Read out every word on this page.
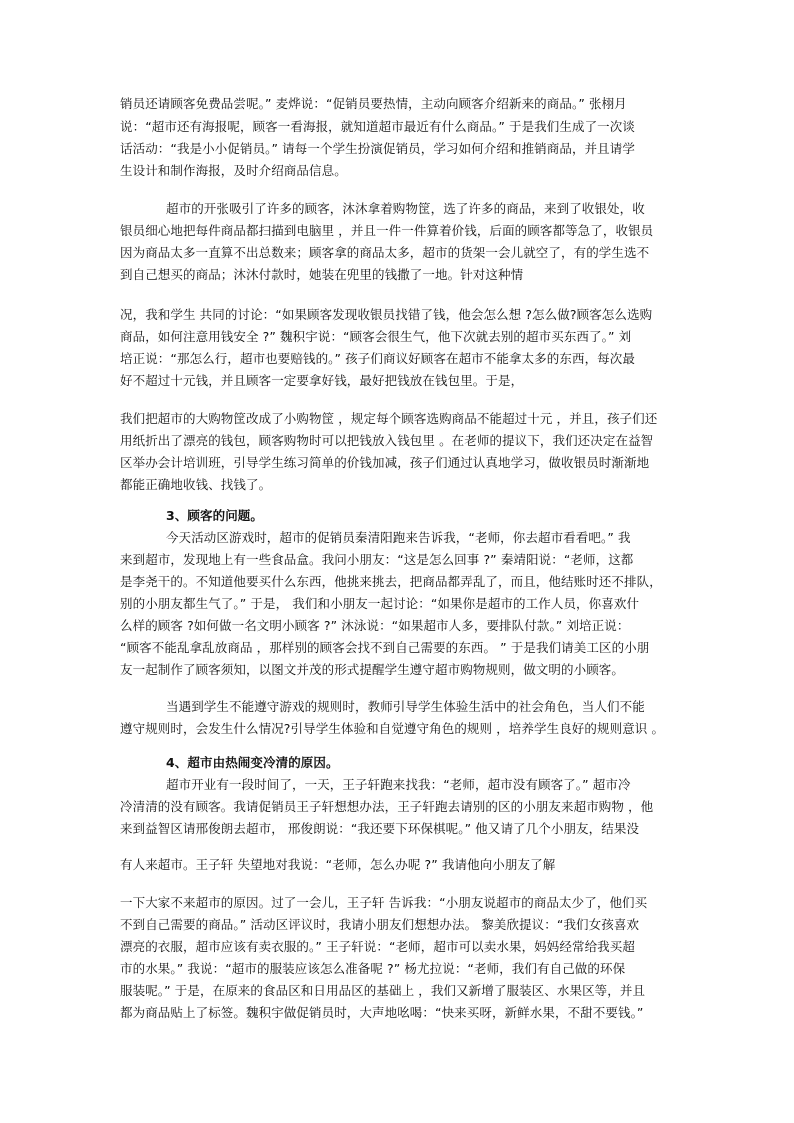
销员还请顾客免费品尝呢。” 麦烨说：“促销员要热情，主动向顾客介绍新来的商品。” 张栩月
说：“超市还有海报呢，顾客一看海报，就知道超市最近有什么商品。” 于是我们生成了一次谈
话活动：“我是小小促销员。” 请每一个学生扮演促销员，学习如何介绍和推销商品，并且请学
生设计和制作海报，及时介绍商品信息。
超市的开张吸引了许多的顾客，沐沐拿着购物筐，选了许多的商品，来到了收银处，收
银员细心地把每件商品都扫描到电脑里 ，并且一件一件算着价钱，后面的顾客都等急了，收银员
因为商品太多一直算不出总数来；顾客拿的商品太多，超市的货架一会儿就空了，有的学生选不
到自己想买的商品；沐沐付款时，她装在兜里的钱撒了一地。针对这种情
况，我和学生 共同的讨论：“如果顾客发现收银员找错了钱，他会怎么想 ?怎么做?顾客怎么选购
商品，如何注意用钱安全 ?” 魏积宇说：“顾客会很生气，他下次就去别的超市买东西了。” 刘
培正说：“那怎么行，超市也要赔钱的。” 孩子们商议好顾客在超市不能拿太多的东西，每次最
好不超过十元钱，并且顾客一定要拿好钱，最好把钱放在钱包里。于是，
我们把超市的大购物筐改成了小购物筐 ，规定每个顾客选购商品不能超过十元 ，并且，孩子们还
用纸折出了漂亮的钱包，顾客购物时可以把钱放入钱包里 。在老师的提议下，我们还决定在益智
区举办会计培训班，引导学生练习简单的价钱加减，孩子们通过认真地学习，做收银员时渐渐地
都能正确地收钱、找钱了。
3、顾客的问题。
今天活动区游戏时，超市的促销员秦清阳跑来告诉我，“老师，你去超市看看吧。” 我
来到超市，发现地上有一些食品盒。我问小朋友：“这是怎么回事 ?” 秦靖阳说：“老师，这都
是李尧干的。不知道他要买什么东西，他挑来挑去，把商品都弄乱了，而且，他结账时还不排队，
别的小朋友都生气了。” 于是， 我们和小朋友一起讨论：“如果你是超市的工作人员，你喜欢什
么样的顾客 ?如何做一名文明小顾客 ?” 沐泳说：“如果超市人多，要排队付款。” 刘培正说：
“顾客不能乱拿乱放商品 ，那样别的顾客会找不到自己需要的东西。 ” 于是我们请美工区的小朋
友一起制作了顾客须知，以图文并茂的形式提醒学生遵守超市购物规则，做文明的小顾客。
当遇到学生不能遵守游戏的规则时，教师引导学生体验生活中的社会角色，当人们不能
遵守规则时，会发生什么情况?引导学生体验和自觉遵守角色的规则 ，培养学生良好的规则意识 。
4、超市由热闹变冷清的原因。
超市开业有一段时间了，一天，王子轩跑来找我：“老师，超市没有顾客了。” 超市冷
冷清清的没有顾客。我请促销员王子轩想想办法，王子轩跑去请别的区的小朋友来超市购物 ，他
来到益智区请邢俊朗去超市， 邢俊朗说：“我还要下环保棋呢。” 他又请了几个小朋友，结果没
有人来超市。王子轩 失望地对我说：“老师，怎么办呢 ?” 我请他向小朋友了解
一下大家不来超市的原因。过了一会儿，王子轩 告诉我：“小朋友说超市的商品太少了，他们买
不到自己需要的商品。” 活动区评议时，我请小朋友们想想办法。 黎美欣提议：“我们女孩喜欢
漂亮的衣服，超市应该有卖衣服的。” 王子轩说：“老师，超市可以卖水果，妈妈经常给我买超
市的水果。” 我说：“超市的服装应该怎么准备呢 ?” 杨尤拉说：“老师，我们有自己做的环保
服装呢。” 于是，在原来的食品区和日用品区的基础上 ，我们又新增了服装区、水果区等，并且
都为商品贴上了标签。魏积宇做促销员时，大声地吆喝：“快来买呀，新鲜水果，不甜不要钱。”
